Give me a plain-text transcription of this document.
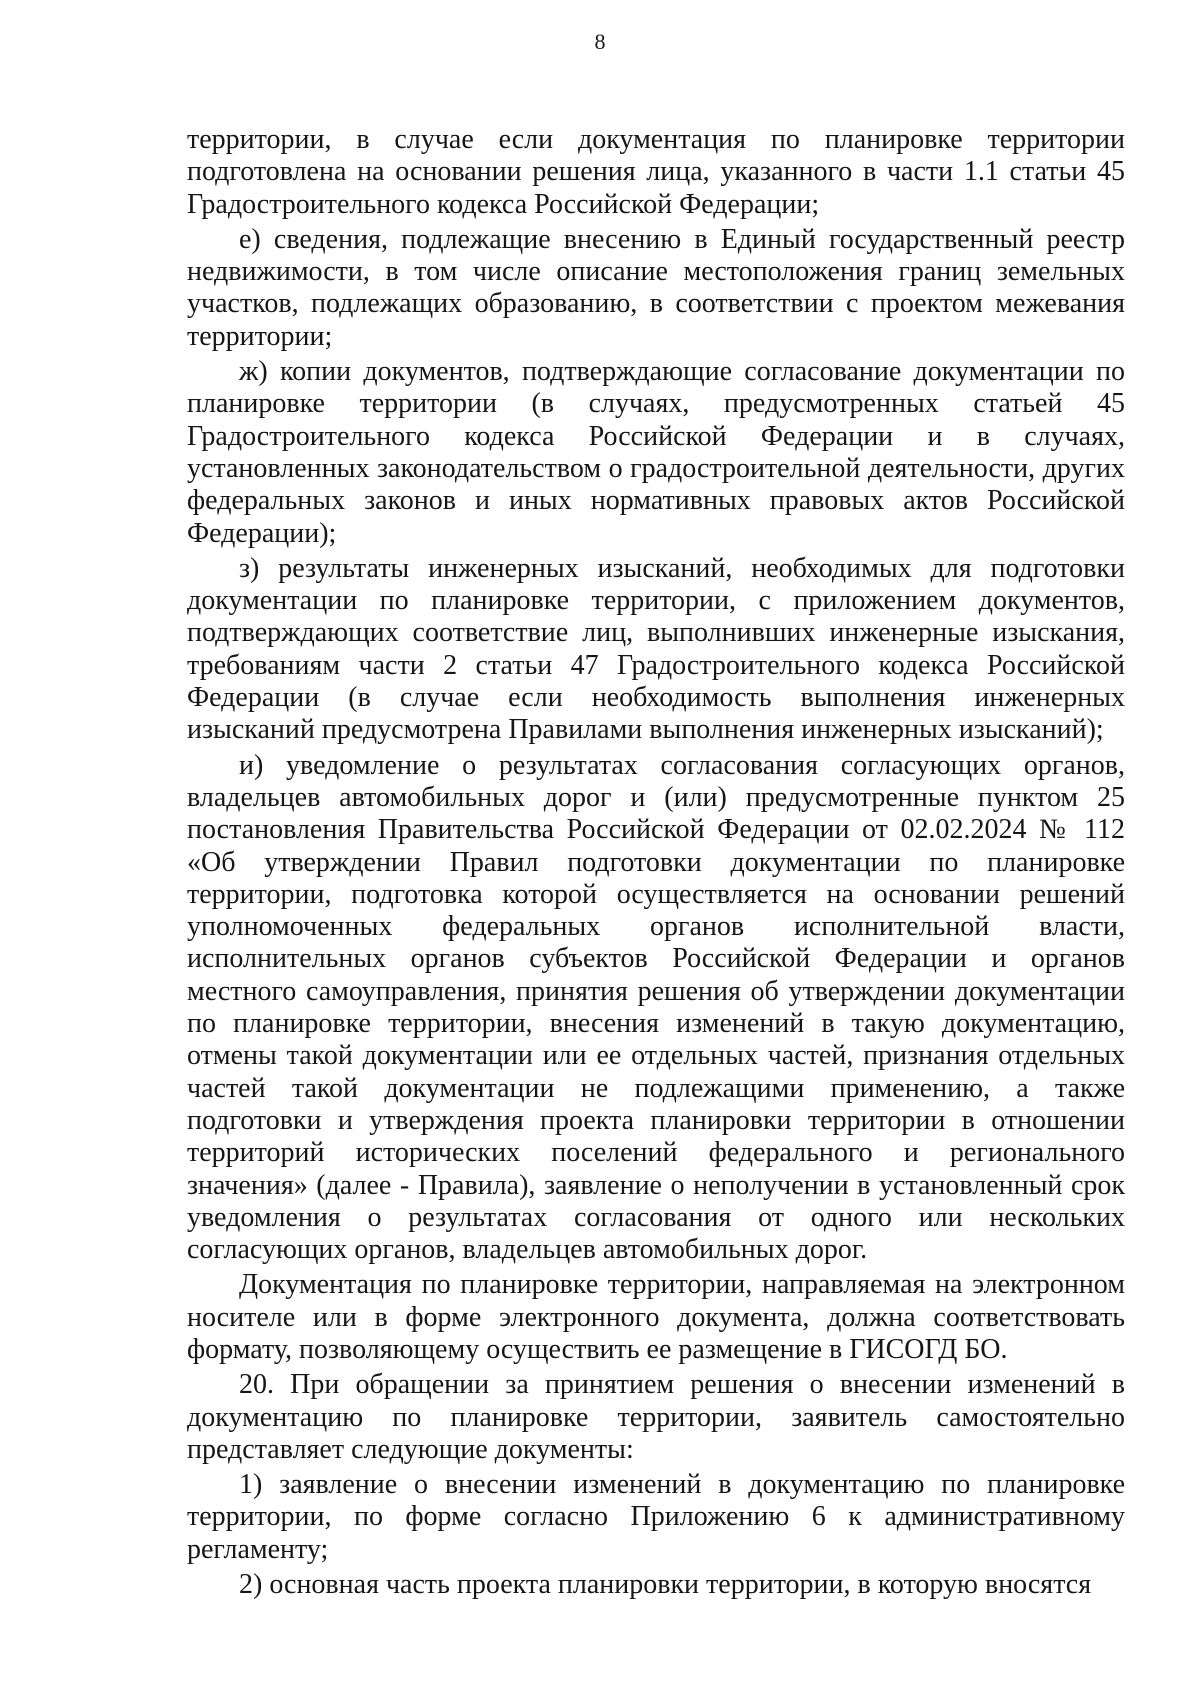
8

территории, в случае если документация по планировке территории подготовлена на основании решения лица, указанного в части 1.1 статьи 45 Градостроительного кодекса Российской Федерации;

е) сведения, подлежащие внесению в Единый государственный реестр недвижимости, в том числе описание местоположения границ земельных участков, подлежащих образованию, в соответствии с проектом межевания территории;

ж) копии документов, подтверждающие согласование документации по планировке территории (в случаях, предусмотренных статьей 45 Градостроительного кодекса Российской Федерации и в случаях, установленных законодательством о градостроительной деятельности, других федеральных законов и иных нормативных правовых актов Российской Федерации);

з) результаты инженерных изысканий, необходимых для подготовки документации по планировке территории, с приложением документов, подтверждающих соответствие лиц, выполнивших инженерные изыскания, требованиям части 2 статьи 47 Градостроительного кодекса Российской Федерации (в случае если необходимость выполнения инженерных изысканий предусмотрена Правилами выполнения инженерных изысканий);

и) уведомление о результатах согласования согласующих органов, владельцев автомобильных дорог и (или) предусмотренные пунктом 25 постановления Правительства Российской Федерации от 02.02.2024 № 112 «Об утверждении Правил подготовки документации по планировке территории, подготовка которой осуществляется на основании решений уполномоченных федеральных органов исполнительной власти, исполнительных органов субъектов Российской Федерации и органов местного самоуправления, принятия решения об утверждении документации по планировке территории, внесения изменений в такую документацию, отмены такой документации или ее отдельных частей, признания отдельных частей такой документации не подлежащими применению, а также подготовки и утверждения проекта планировки территории в отношении территорий исторических поселений федерального и регионального значения» (далее - Правила), заявление о неполучении в установленный срок уведомления о результатах согласования от одного или нескольких согласующих органов, владельцев автомобильных дорог.

Документация по планировке территории, направляемая на электронном носителе или в форме электронного документа, должна соответствовать формату, позволяющему осуществить ее размещение в ГИСОГД БО.

20. При обращении за принятием решения о внесении изменений в документацию по планировке территории, заявитель самостоятельно представляет следующие документы:

1) заявление о внесении изменений в документацию по планировке территории, по форме согласно Приложению 6 к административному регламенту;

2) основная часть проекта планировки территории, в которую вносятся
